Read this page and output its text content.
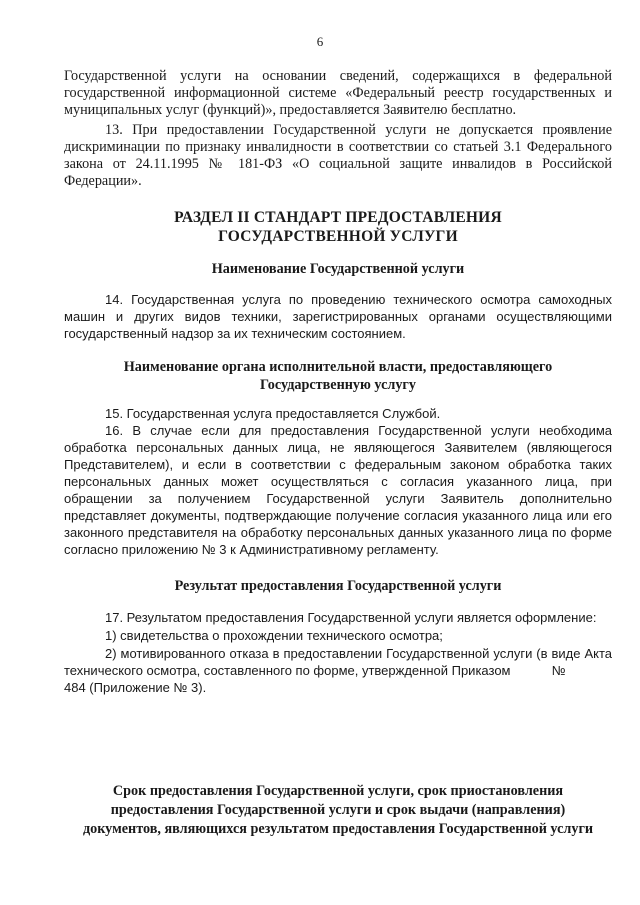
6

Государственной услуги на основании сведений, содержащихся в федеральной государственной информационной системе «Федеральный реестр государственных и муниципальных услуг (функций)», предоставляется Заявителю бесплатно.

13. При предоставлении Государственной услуги не допускается проявление дискриминации по признаку инвалидности в соответствии со статьей 3.1 Федерального закона от 24.11.1995 № 181-ФЗ «О социальной защите инвалидов в Российской Федерации».

РАЗДЕЛ II СТАНДАРТ ПРЕДОСТАВЛЕНИЯ
ГОСУДАРСТВЕННОЙ УСЛУГИ
Наименование Государственной услуги

14. Государственная услуга по проведению технического осмотра самоходных машин и других видов техники, зарегистрированных органами осуществляющими государственный надзор за их техническим состоянием.

Наименование органа исполнительной власти, предоставляющего
Государственную услугу

15. Государственная услуга предоставляется Службой.

16. В случае если для предоставления Государственной услуги необходима обработка персональных данных лица, не являющегося Заявителем (являющегося Представителем), и если в соответствии с федеральным законом обработка таких персональных данных может осуществляться с согласия указанного лица, при обращении за получением Государственной услуги Заявитель дополнительно представляет документы, подтверждающие получение согласия указанного лица или его законного представителя на обработку персональных данных указанного лица по форме согласно приложению № 3 к Административному регламенту.

Результат предоставления Государственной услуги

17. Результатом предоставления Государственной услуги является оформление:

1) свидетельства о прохождении технического осмотра;

2) мотивированного отказа в предоставлении Государственной услуги (в виде Акта технического осмотра, составленного по форме, утвержденной Приказом	№
484 (Приложение № 3).
Срок предоставления Государственной услуги, срок приостановления
предоставления Государственной услуги и срок выдачи (направления)
документов, являющихся результатом предоставления Государственной услуги
